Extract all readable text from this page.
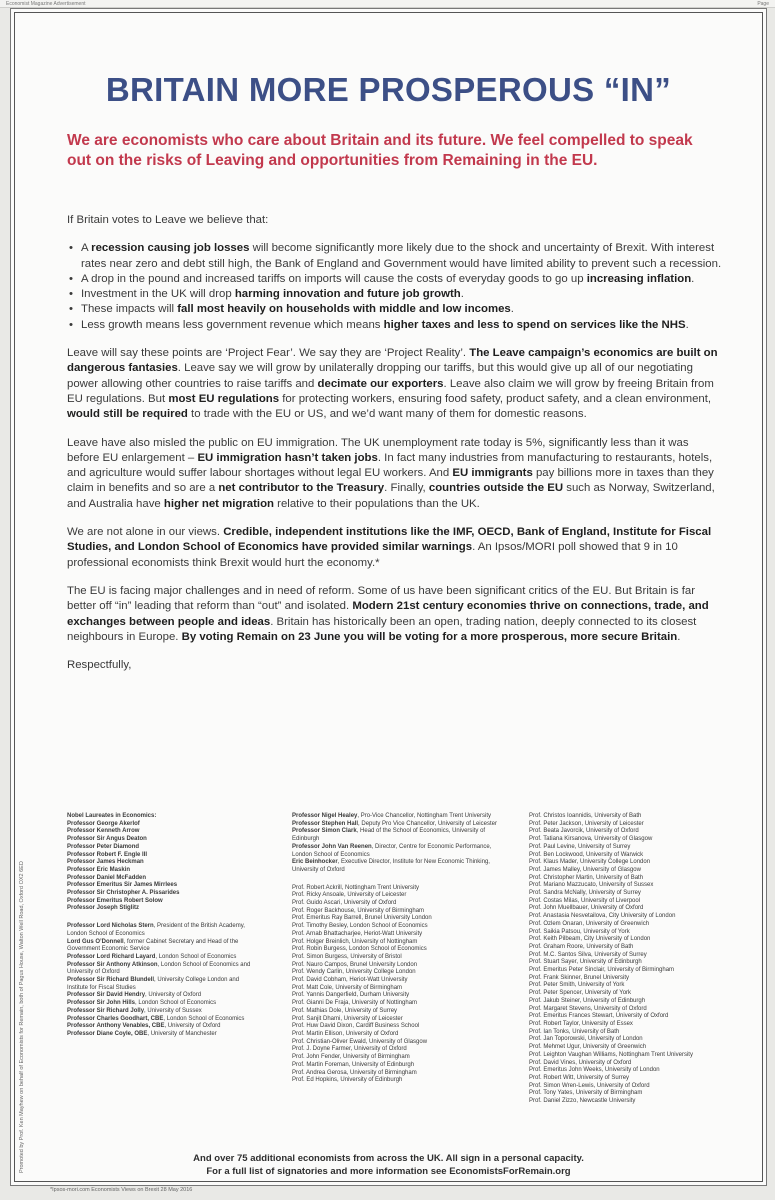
Economist Magazine Advertisement	Page
Promoted by Prof. Ken Mayhew on behalf of Economists for Remain, both of Pagus House, Walton Well Road, Oxford OX2 6ED
BRITAIN MORE PROSPEROUS “IN”
We are economists who care about Britain and its future. We feel compelled to speak out on the risks of Leaving and opportunities from Remaining in the EU.

If Britain votes to Leave we believe that:

• A recession causing job losses will become significantly more likely due to the shock and uncertainty of Brexit. With interest rates near zero and debt still high, the Bank of England and Government would have limited ability to prevent such a recession.
• A drop in the pound and increased tariffs on imports will cause the costs of everyday goods to go up increasing inflation.
• Investment in the UK will drop harming innovation and future job growth.
• These impacts will fall most heavily on households with middle and low incomes.
• Less growth means less government revenue which means higher taxes and less to spend on services like the NHS.

Leave will say these points are ‘Project Fear’. We say they are ‘Project Reality’. The Leave campaign’s economics are built on dangerous fantasies. Leave say we will grow by unilaterally dropping our tariffs, but this would give up all of our negotiating power allowing other countries to raise tariffs and decimate our exporters. Leave also claim we will grow by freeing Britain from EU regulations. But most EU regulations for protecting workers, ensuring food safety, product safety, and a clean environment, would still be required to trade with the EU or US, and we’d want many of them for domestic reasons.

Leave have also misled the public on EU immigration. The UK unemployment rate today is 5%, significantly less than it was before EU enlargement – EU immigration hasn’t taken jobs. In fact many industries from manufacturing to restaurants, hotels, and agriculture would suffer labour shortages without legal EU workers. And EU immigrants pay billions more in taxes than they claim in benefits and so are a net contributor to the Treasury. Finally, countries outside the EU such as Norway, Switzerland, and Australia have higher net migration relative to their populations than the UK.

We are not alone in our views. Credible, independent institutions like the IMF, OECD, Bank of England, Institute for Fiscal Studies, and London School of Economics have provided similar warnings. An Ipsos/MORI poll showed that 9 in 10 professional economists think Brexit would hurt the economy.*

The EU is facing major challenges and in need of reform. Some of us have been significant critics of the EU. But Britain is far better off “in” leading that reform than “out” and isolated. Modern 21st century economies thrive on connections, trade, and exchanges between people and ideas. Britain has historically been an open, trading nation, deeply connected to its closest neighbours in Europe. By voting Remain on 23 June you will be voting for a more prosperous, more secure Britain.

Respectfully,

Nobel Laureates in Economics:
Professor George Akerlof
Professor Kenneth Arrow
Professor Sir Angus Deaton
Professor Peter Diamond
Professor Robert F. Engle III
Professor James Heckman
Professor Eric Maskin
Professor Daniel McFadden
Professor Emeritus Sir James Mirrlees
Professor Sir Christopher A. Pissarides
Professor Emeritus Robert Solow
Professor Joseph Stiglitz
Professor Lord Nicholas Stern, President of the British Academy, London School of Economics
Lord Gus O’Donnell, former Cabinet Secretary and Head of the Government Economic Service
Professor Lord Richard Layard, London School of Economics
Professor Sir Anthony Atkinson, London School of Economics and University of Oxford
Professor Sir Richard Blundell, University College London and Institute for Fiscal Studies
Professor Sir David Hendry, University of Oxford
Professor Sir John Hills, London School of Economics
Professor Sir Richard Jolly, University of Sussex
Professor Charles Goodhart, CBE, London School of Economics
Professor Anthony Venables, CBE, University of Oxford
Professor Diane Coyle, OBE, University of Manchester
Professor Nigel Healey, Pro-Vice Chancellor, Nottingham Trent University
Professor Stephen Hall, Deputy Pro Vice Chancellor, University of Leicester
Professor Simon Clark, Head of the School of Economics, University of Edinburgh
Professor John Van Reenen, Director, Centre for Economic Performance, London School of Economics
Eric Beinhocker, Executive Director, Institute for New Economic Thinking, University of Oxford
Prof. Robert Ackrill, Nottingham Trent University
Prof. Ricky Ansoale, University of Leicester
Prof. Guido Ascari, University of Oxford
Prof. Roger Backhouse, University of Birmingham
Prof. Emeritus Ray Barrell, Brunel University London
Prof. Timothy Besley, London School of Economics
Prof. Arnab Bhattacharjee, Heriot-Watt University
Prof. Holger Breinlich, University of Nottingham
Prof. Robin Burgess, London School of Economics
Prof. Simon Burgess, University of Bristol
Prof. Nauro Campos, Brunel University London
Prof. Wendy Carlin, University College London
Prof. David Cobham, Heriot-Watt University
Prof. Matt Cole, University of Birmingham
Prof. Yannis Dangerfield, Durham University
Prof. Gianni De Fraja, University of Nottingham
Prof. Mathias Dole, University of Surrey
Prof. Sanjit Dhami, University of Leicester
Prof. Huw David Dixon, Cardiff Business School
Prof. Martin Ellison, University of Oxford
Prof. Christian-Oliver Ewald, University of Glasgow
Prof. J. Doyne Farmer, University of Oxford
Prof. John Fender, University of Birmingham
Prof. Martin Foreman, University of Edinburgh
Prof. Andrea Gerosa, University of Birmingham
Prof. Ed Hopkins, University of Edinburgh
Prof. Christos Ioannidis, University of Bath
Prof. Peter Jackson, University of Leicester
Prof. Beata Javorcik, University of Oxford
Prof. Tatiana Kirsanova, University of Glasgow
Prof. Paul Levine, University of Surrey
Prof. Ben Lockwood, University of Warwick
Prof. Klaus Mader, University College London
Prof. James Malley, University of Glasgow
Prof. Christopher Martin, University of Bath
Prof. Mariano Mazzucato, University of Sussex
Prof. Sandra McNally, University of Surrey
Prof. Costas Milas, University of Liverpool
Prof. John Muellbauer, University of Oxford
Prof. Anastasia Nesvetailova, City University of London
Prof. Ozlem Onaran, University of Greenwich
Prof. Saikia Patsou, University of York
Prof. Keith Pilbeam, City University of London
Prof. Graham Roore, University of Bath
Prof. M.C. Santos Silva, University of Surrey
Prof. Stuart Sayer, University of Edinburgh
Prof. Emeritus Peter Sinclair, University of Birmingham
Prof. Frank Skinner, Brunel University
Prof. Peter Smith, University of York
Prof. Peter Spencer, University of York
Prof. Jakub Steiner, University of Edinburgh
Prof. Margaret Stevens, University of Oxford
Prof. Emeritus Frances Stewart, University of Oxford
Prof. Robert Taylor, University of Essex
Prof. Ian Tonks, University of Bath
Prof. Jan Toporowski, University of London
Prof. Mehmet Ugur, University of Greenwich
Prof. Leighton Vaughan Williams, Nottingham Trent University
Prof. David Vines, University of Oxford
Prof. Emeritus John Weeks, University of London
Prof. Robert Witt, University of Surrey
Prof. Simon Wren-Lewis, University of Oxford
Prof. Tony Yates, University of Birmingham
Prof. Daniel Zizzo, Newcastle University
And over 75 additional economists from across the UK. All sign in a personal capacity.
For a full list of signatories and more information see EconomistsForRemain.org
*Ipsos-mori.com Economists Views on Brexit 28 May 2016
